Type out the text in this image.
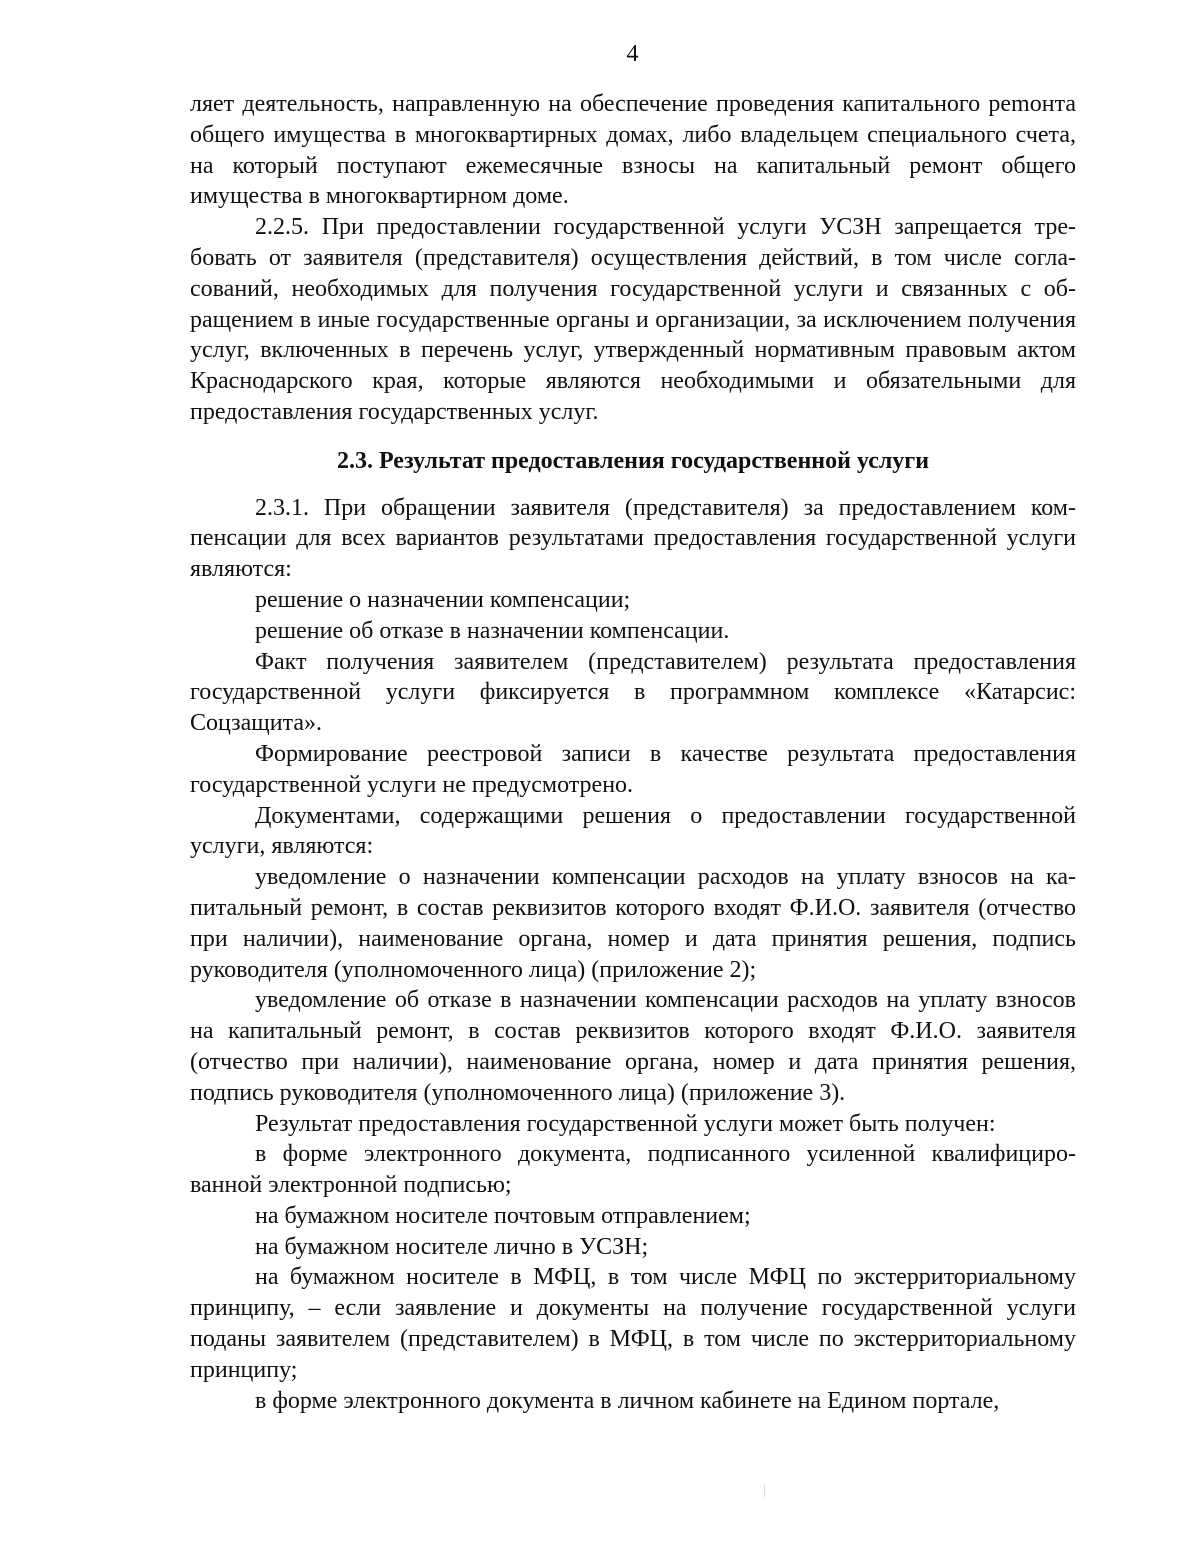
4

ляет деятельность, направленную на обеспечение проведения капитального реmонта общего имущества в многоквартирных домах, либо владельцем специального счета, на который поступают ежемесячные взносы на капитальный ремонт общего имущества в многоквартирном доме.

2.2.5. При предоставлении государственной услуги УСЗН запрещается требовать от заявителя (представителя) осуществления действий, в том числе согласований, необходимых для получения государственной услуги и связанных с обращением в иные государственные органы и организации, за исключением получения услуг, включенных в перечень услуг, утвержденный нормативным правовым актом Краснодарского края, которые являются необходимыми и обязательными для предоставления государственных услуг.

2.3. Результат предоставления государственной услуги

2.3.1. При обращении заявителя (представителя) за предоставлением компенсации для всех вариантов результатами предоставления государственной услуги являются:

решение о назначении компенсации;

решение об отказе в назначении компенсации.

Факт получения заявителем (представителем) результата предоставления государственной услуги фиксируется в программном комплексе «Катарсис: Соцзащита».

Формирование реестровой записи в качестве результата предоставления государственной услуги не предусмотрено.

Документами, содержащими решения о предоставлении государственной услуги, являются:

уведомление о назначении компенсации расходов на уплату взносов на капитальный ремонт, в состав реквизитов которого входят Ф.И.О. заявителя (отчество при наличии), наименование органа, номер и дата принятия решения, подпись руководителя (уполномоченного лица) (приложение 2);

уведомление об отказе в назначении компенсации расходов на уплату взносов на капитальный ремонт, в состав реквизитов которого входят Ф.И.О. заявителя (отчество при наличии), наименование органа, номер и дата принятия решения, подпись руководителя (уполномоченного лица) (приложение 3).

Результат предоставления государственной услуги может быть получен:

в форме электронного документа, подписанного усиленной квалифицированной электронной подписью;

на бумажном носителе почтовым отправлением;

на бумажном носителе лично в УСЗН;

на бумажном носителе в МФЦ, в том числе МФЦ по экстерриториальному принципу, – если заявление и документы на получение государственной услуги поданы заявителем (представителем) в МФЦ, в том числе по экстерриториальному принципу;

в форме электронного документа в личном кабинете на Едином портале,
